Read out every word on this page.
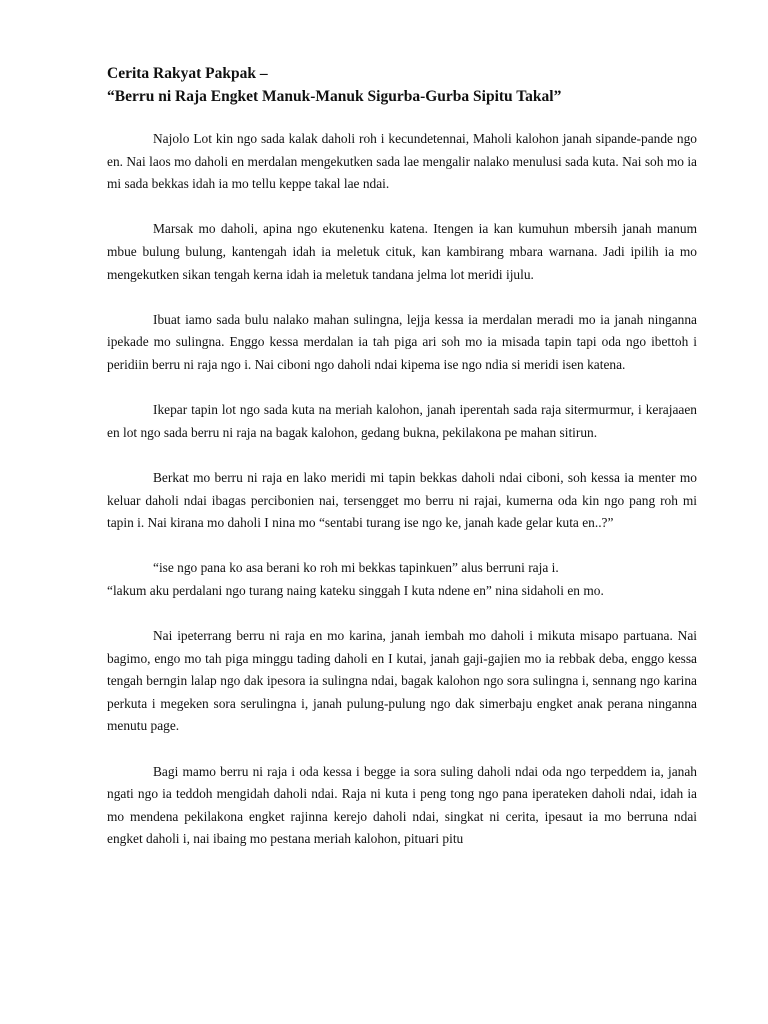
Cerita Rakyat Pakpak –

“Berru ni Raja Engket Manuk-Manuk Sigurba-Gurba Sipitu Takal”

Najolo Lot kin ngo sada kalak daholi roh i kecundetennai, Maholi kalohon janah sipande-pande ngo en. Nai laos mo daholi en merdalan mengekutken sada lae mengalir nalako menulusi sada kuta. Nai soh mo ia mi sada bekkas idah ia mo tellu keppe takal lae ndai.

Marsak mo daholi, apina ngo ekutenenku katena. Itengen ia kan kumuhun mbersih janah manum mbue bulung bulung, kantengah idah ia meletuk cituk, kan kambirang mbara warnana. Jadi ipilih ia mo mengekutken sikan tengah kerna idah ia meletuk tandana jelma lot meridi ijulu.

Ibuat iamo sada bulu nalako mahan sulingna, lejja kessa ia merdalan meradi mo ia janah ninganna ipekade mo sulingna. Enggo kessa merdalan ia tah piga ari soh mo ia misada tapin tapi oda ngo ibettoh i peridiin berru ni raja ngo i. Nai ciboni ngo daholi ndai kipema ise ngo ndia si meridi isen katena.

Ikepar tapin lot ngo sada kuta na meriah kalohon, janah iperentah sada raja sitermurmur, i kerajaaen en lot ngo sada berru ni raja na bagak kalohon, gedang bukna, pekilakona pe mahan sitirun.

Berkat mo berru ni raja en lako meridi mi tapin bekkas daholi ndai ciboni, soh kessa ia menter mo keluar daholi ndai ibagas percibonien nai, tersengget mo berru ni rajai, kumerna oda kin ngo pang roh mi tapin i. Nai kirana mo daholi I nina mo “sentabi turang ise ngo ke, janah kade gelar kuta en..?”

“ise ngo pana ko asa berani ko roh mi bekkas tapinkuen” alus berruni raja i.

“lakum aku perdalani ngo turang naing kateku singgah I kuta ndene en” nina sidaholi en mo.

Nai ipeterrang berru ni raja en mo karina, janah iembah mo daholi i mikuta misapo partuana. Nai bagimo, engo mo tah piga minggu tading daholi en I kutai, janah gaji-gajien mo ia rebbak deba, enggo kessa tengah berngin lalap ngo dak ipesora ia sulingna ndai, bagak kalohon ngo sora sulingna i, sennang ngo karina perkuta i megeken sora serulingna i, janah pulung-pulung ngo dak simerbaju engket anak perana ninganna menutu page.

Bagi mamo berru ni raja i oda kessa i begge ia sora suling daholi ndai oda ngo terpeddem ia, janah ngati ngo ia teddoh mengidah daholi ndai. Raja ni kuta i peng tong ngo pana iperateken daholi ndai, idah ia mo mendena pekilakona engket rajinna kerejo daholi ndai, singkat ni cerita, ipesaut ia mo berruna ndai engket daholi i, nai ibaing mo pestana meriah kalohon, pituari pitu
